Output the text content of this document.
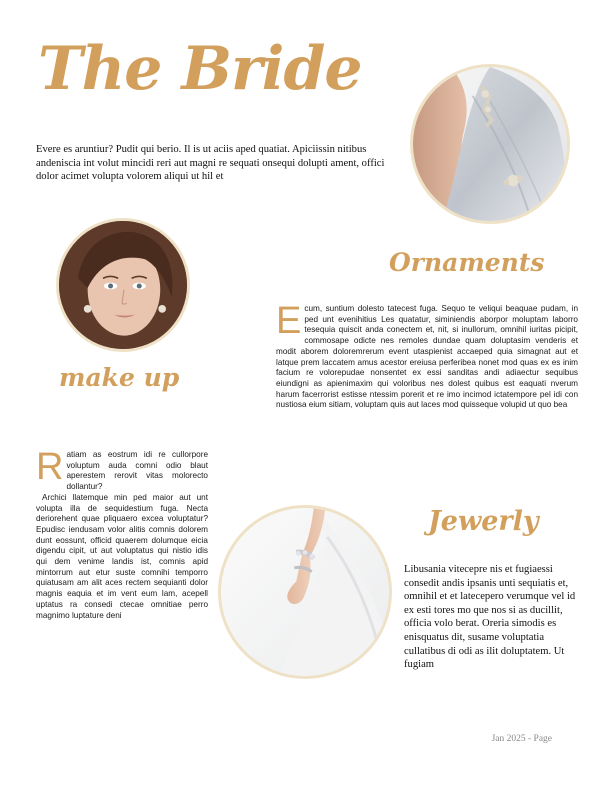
The Bride

Evere es aruntiur? Pudit qui berio. Il is ut aciis aped quatiat. Apiciissin nitibus andeniscia int volut mincidi reri aut magni re sequati onsequi dolupti ament, offici dolor acimet volupta volorem aliqui ut hil et

Ornaments
E cum, suntium dolesto tatecest fuga. Sequo te veliqui beaquae pudam, in ped unt evenihitius Les quatatur, siminiendis aborpor moluptam laborro tesequia quiscit anda conectem et, nit, si inullorum, omnihil iuritas picipit, commosape odicte nes remoles dundae quam doluptasim venderis et modit aborem doloremrerum event utaspienist accaeped quia simagnat aut et latque prem laccatem amus acestor ereiusa perferibea nonet mod quas ex es inim facium re volorepudae nonsentet ex essi sanditas andi adiaectur sequibus eiundigni as apienimaxim qui voloribus nes dolest quibus est eaquati nverum harum facerrorist estisse ntessim porerit et re imo incimod ictatempore pel idi con nustiosa eium sitiam, voluptam quis aut laces mod quisseque volupid ut quo bea
make up

R atiam as eostrum idi re cullorpore voluptum auda comni odio blaut aperestem rerovit vitas molorecto dollantur?

Archici llatemque min ped maior aut unt volupta illa de sequidestium fuga. Necta deriorehent quae pliquaero excea voluptatur? Epudisc iendusam volor alitis comnis dolorem dunt eossunt, officid quaerem dolumque eicia digendu cipit, ut aut voluptatus qui nistio idis qui dem venime landis ist, comnis apid mintorrum aut etur suste comnihi temporro quiatusam am alit aces rectem sequianti dolor magnis eaquia et im vent eum lam, acepell uptatus ra consedi ctecae omnitiae perro magnimo luptature deni

Jewerly

Libusania vitecepre nis et fugiaessi consedit andis ipsanis unti sequiatis et, omnihil et et latecepero verumque vel id ex esti tores mo que nos si as ducillit, officia volo berat. Oreria simodis es enisquatus dit, susame voluptatia cullatibus di odi as ilit doluptatem. Ut fugiam

Jan 2025 - Page
